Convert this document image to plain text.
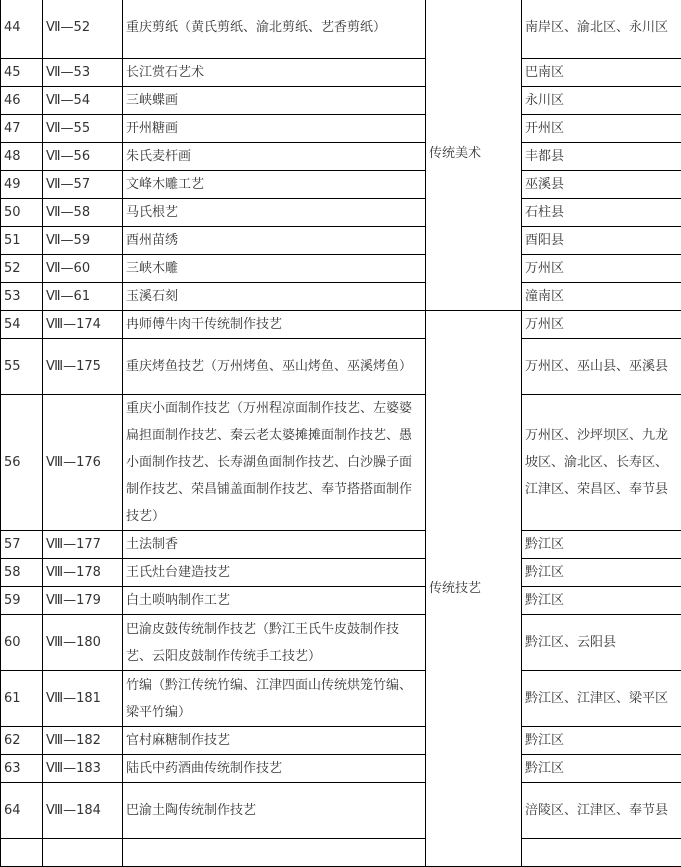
44	Ⅶ—52	重庆剪纸（黄氏剪纸、渝北剪纸、艺香剪纸）	传统美术	南岸区、渝北区、永川区
45	Ⅶ—53	长江赏石艺术		巴南区
46	Ⅶ—54	三峡蝶画		永川区
47	Ⅶ—55	开州糖画		开州区
48	Ⅶ—56	朱氏麦杆画		丰都县
49	Ⅶ—57	文峰木雕工艺		巫溪县
50	Ⅶ—58	马氏根艺		石柱县
51	Ⅶ—59	酉州苗绣		酉阳县
52	Ⅶ—60	三峡木雕		万州区
53	Ⅶ—61	玉溪石刻		潼南区
54	Ⅷ—174	冉师傅牛肉干传统制作技艺	传统技艺	万州区
55	Ⅷ—175	重庆烤鱼技艺（万州烤鱼、巫山烤鱼、巫溪烤鱼）		万州区、巫山县、巫溪县
56	Ⅷ—176	重庆小面制作技艺（万州程凉面制作技艺、左婆婆扁担面制作技艺、秦云老太婆摊摊面制作技艺、愚小面制作技艺、长寿湖鱼面制作技艺、白沙臊子面制作技艺、荣昌铺盖面制作技艺、奉节搭搭面制作技艺）		万州区、沙坪坝区、九龙坡区、渝北区、长寿区、江津区、荣昌区、奉节县
57	Ⅷ—177	土法制香		黔江区
58	Ⅷ—178	王氏灶台建造技艺		黔江区
59	Ⅷ—179	白土唢呐制作工艺		黔江区
60	Ⅷ—180	巴渝皮鼓传统制作技艺（黔江王氏牛皮鼓制作技艺、云阳皮鼓制作传统手工技艺）		黔江区、云阳县
61	Ⅷ—181	竹编（黔江传统竹编、江津四面山传统烘笼竹编、梁平竹编）		黔江区、江津区、梁平区
62	Ⅷ—182	官村麻糖制作技艺		黔江区
63	Ⅷ—183	陆氏中药酒曲传统制作技艺		黔江区
64	Ⅷ—184	巴渝土陶传统制作技艺		涪陵区、江津区、奉节县
